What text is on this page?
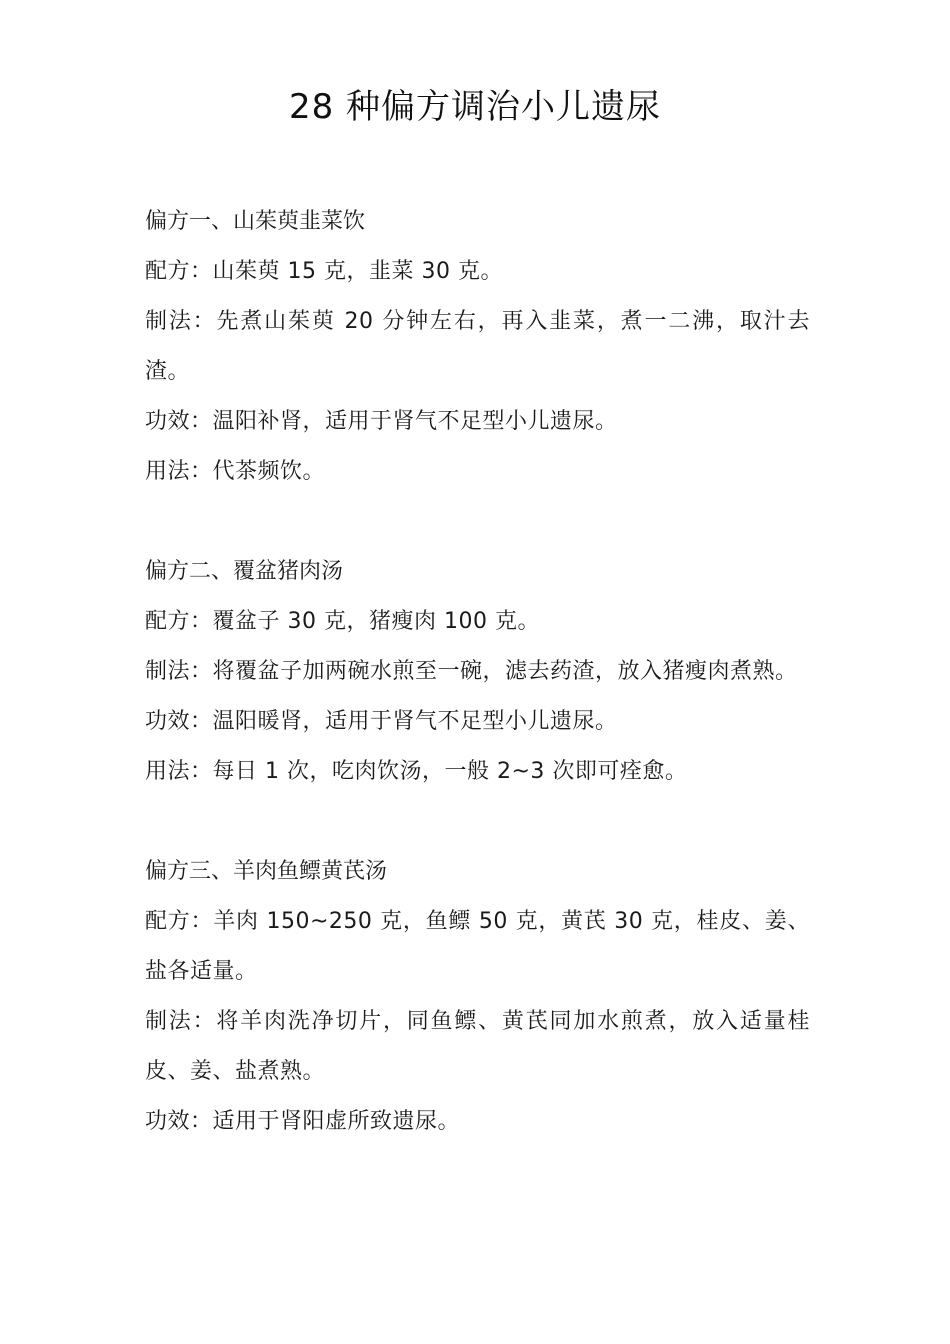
28 种偏方调治小儿遗尿

偏方一、山茱萸韭菜饮

配方：山茱萸 15 克，韭菜 30 克。

制法：先煮山茱萸 20 分钟左右，再入韭菜，煮一二沸，取汁去渣。

功效：温阳补肾，适用于肾气不足型小儿遗尿。

用法：代茶频饮。

偏方二、覆盆猪肉汤

配方：覆盆子 30 克，猪瘦肉 100 克。

制法：将覆盆子加两碗水煎至一碗，滤去药渣，放入猪瘦肉煮熟。

功效：温阳暖肾，适用于肾气不足型小儿遗尿。

用法：每日 1 次，吃肉饮汤，一般 2~3 次即可痊愈。

偏方三、羊肉鱼鳔黄芪汤

配方：羊肉 150~250 克，鱼鳔 50 克，黄芪 30 克，桂皮、姜、盐各适量。

制法：将羊肉洗净切片，同鱼鳔、黄芪同加水煎煮，放入适量桂皮、姜、盐煮熟。

功效：适用于肾阳虚所致遗尿。
